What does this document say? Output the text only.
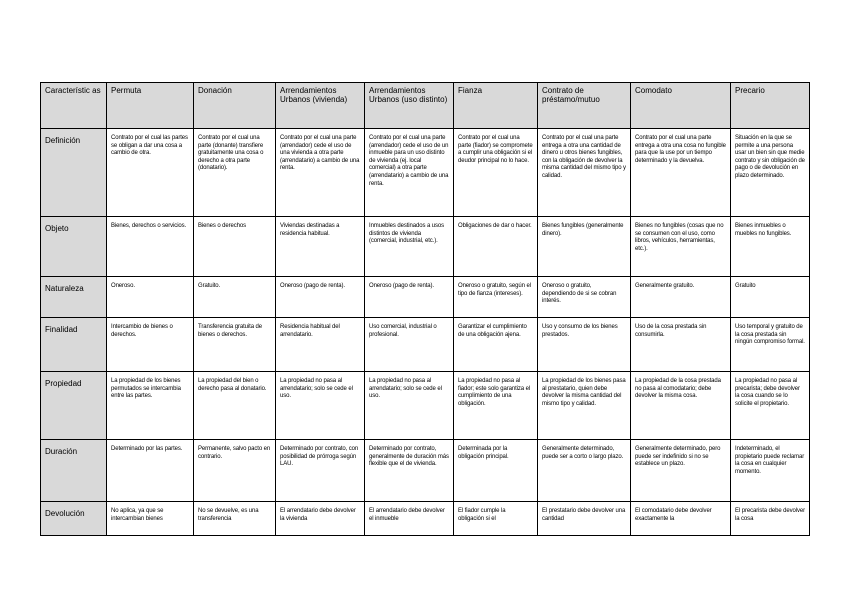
Característic as	Permuta	Donación	Arrendamientos Urbanos (vivienda)	Arrendamientos Urbanos (uso distinto)	Fianza	Contrato de préstamo/mutuo	Comodato	Precario
Definición	Contrato por el cual las partes se obligan a dar una cosa a cambio de otra.	Contrato por el cual una parte (donante) transfiere gratuitamente una cosa o derecho a otra parte (donatario).	Contrato por el cual una parte (arrendador) cede el uso de una vivienda a otra parte (arrendatario) a cambio de una renta.	Contrato por el cual una parte (arrendador) cede el uso de un inmueble para un uso distinto de vivienda (ej. local comercial) a otra parte (arrendatario) a cambio de una renta.	Contrato por el cual una parte (fiador) se compromete a cumplir una obligación si el deudor principal no lo hace.	Contrato por el cual una parte entrega a otra una cantidad de dinero u otros bienes fungibles, con la obligación de devolver la misma cantidad del mismo tipo y calidad.	Contrato por el cual una parte entrega a otra una cosa no fungible para que la use por un tiempo determinado y la devuelva.	Situación en la que se permite a una persona usar un bien sin que medie contrato y sin obligación de pago o de devolución en plazo determinado.
Objeto	Bienes, derechos o servicios.	Bienes o derechos	Viviendas destinadas a residencia habitual.	Inmuebles destinados a usos distintos de vivienda (comercial, industrial, etc.).	Obligaciones de dar o hacer.	Bienes fungibles (generalmente dinero).	Bienes no fungibles (cosas que no se consumen con el uso, como libros, vehículos, herramientas, etc.).	Bienes inmuebles o muebles no fungibles.
Naturaleza	Oneroso.	Gratuito.	Oneroso (pago de renta).	Oneroso (pago de renta).	Oneroso o gratuito, según el tipo de fianza (intereses).	Oneroso o gratuito, dependiendo de si se cobran interés.	Generalmente gratuito.	Gratuito
Finalidad	Intercambio de bienes o derechos.	Transferencia gratuita de bienes o derechos.	Residencia habitual del arrendatario.	Uso comercial, industrial o profesional.	Garantizar el cumplimiento de una obligación ajena.	Uso y consumo de los bienes prestados.	Uso de la cosa prestada sin consumirla.	Uso temporal y gratuito de la cosa prestada sin ningún compromiso formal.
Propiedad	La propiedad de los bienes permutados se intercambia entre las partes.	La propiedad del bien o derecho pasa al donatario.	La propiedad no pasa al arrendatario; solo se cede el uso.	La propiedad no pasa al arrendatario; solo se cede el uso.	La propiedad no pasa al fiador; este solo garantiza el cumplimiento de una obligación.	La propiedad de los bienes pasa al prestatario, quien debe devolver la misma cantidad del mismo tipo y calidad.	La propiedad de la cosa prestada no pasa al comodatario; debe devolver la misma cosa.	La propiedad no pasa al precarista; debe devolver la cosa cuando se lo solicite el propietario.
Duración	Determinado por las partes.	Permanente, salvo pacto en contrario.	Determinado por contrato, con posibilidad de prórroga según LAU.	Determinado por contrato, generalmente de duración más flexible que el de vivienda.	Determinada por la obligación principal.	Generalmente determinado, puede ser a corto o largo plazo.	Generalmente determinado, pero puede ser indefinido si no se establece un plazo.	Indeterminado, el propietario puede reclamar la cosa en cualquier momento.
Devolución	No aplica, ya que se intercambian bienes	No se devuelve, es una transferencia	El arrendatario debe devolver la vivienda	El arrendatario debe devolver el inmueble	El fiador cumple la obligación si el	El prestatario debe devolver una cantidad	El comodatario debe devolver exactamente la	El precarista debe devolver la cosa
